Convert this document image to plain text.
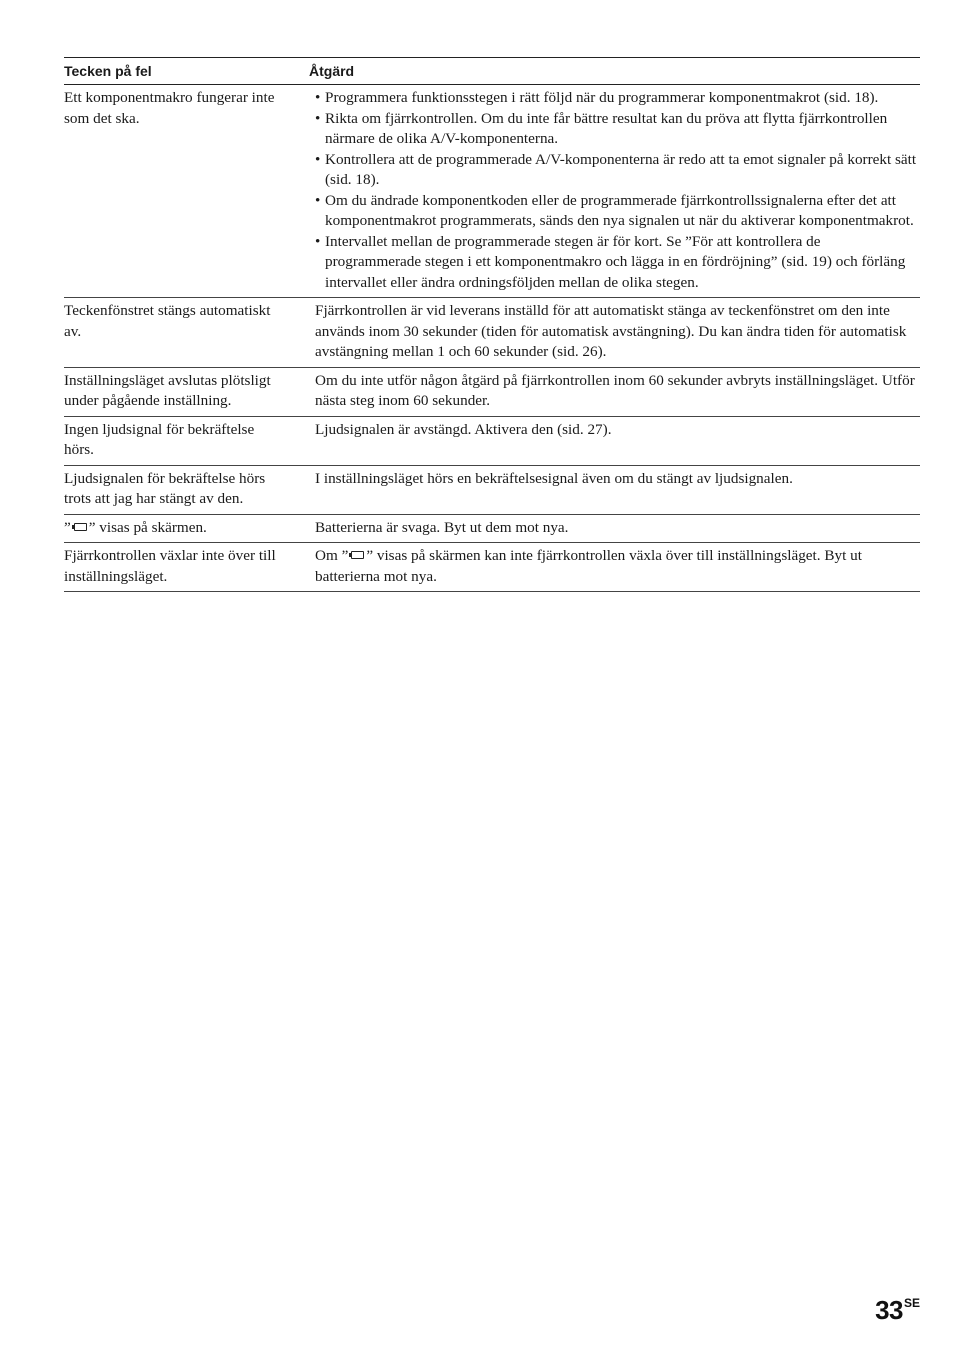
Tecken på fel	Åtgärd
Ett komponentmakro fungerar inte som det ska.
• Programmera funktionsstegen i rätt följd när du programmerar komponentmakrot (sid. 18).
• Rikta om fjärrkontrollen. Om du inte får bättre resultat kan du pröva att flytta fjärrkontrollen närmare de olika A/V-komponenterna.
• Kontrollera att de programmerade A/V-komponenterna är redo att ta emot signaler på korrekt sätt (sid. 18).
• Om du ändrade komponentkoden eller de programmerade fjärrkontrollssignalerna efter det att komponentmakrot programmerats, sänds den nya signalen ut när du aktiverar komponentmakrot.
• Intervallet mellan de programmerade stegen är för kort. Se ”För att kontrollera de programmerade stegen i ett komponentmakro och lägga in en fördröjning” (sid. 19) och förläng intervallet eller ändra ordningsföljden mellan de olika stegen.
Teckenfönstret stängs automatiskt av.
Fjärrkontrollen är vid leverans inställd för att automatiskt stänga av teckenfönstret om den inte används inom 30 sekunder (tiden för automatisk avstängning). Du kan ändra tiden för automatisk avstängning mellan 1 och 60 sekunder (sid. 26).
Inställningsläget avslutas plötsligt under pågående inställning.
Om du inte utför någon åtgärd på fjärrkontrollen inom 60 sekunder avbryts inställningsläget. Utför nästa steg inom 60 sekunder.
Ingen ljudsignal för bekräftelse hörs.
Ljudsignalen är avstängd. Aktivera den (sid. 27).
Ljudsignalen för bekräftelse hörs trots att jag har stängt av den.
I inställningsläget hörs en bekräftelsesignal även om du stängt av ljudsignalen.
” ” visas på skärmen.	Batterierna är svaga. Byt ut dem mot nya.
Fjärrkontrollen växlar inte över till inställningsläget.
Om ” ” visas på skärmen kan inte fjärrkontrollen växla över till inställningsläget. Byt ut batterierna mot nya.
$33^{SE}$
